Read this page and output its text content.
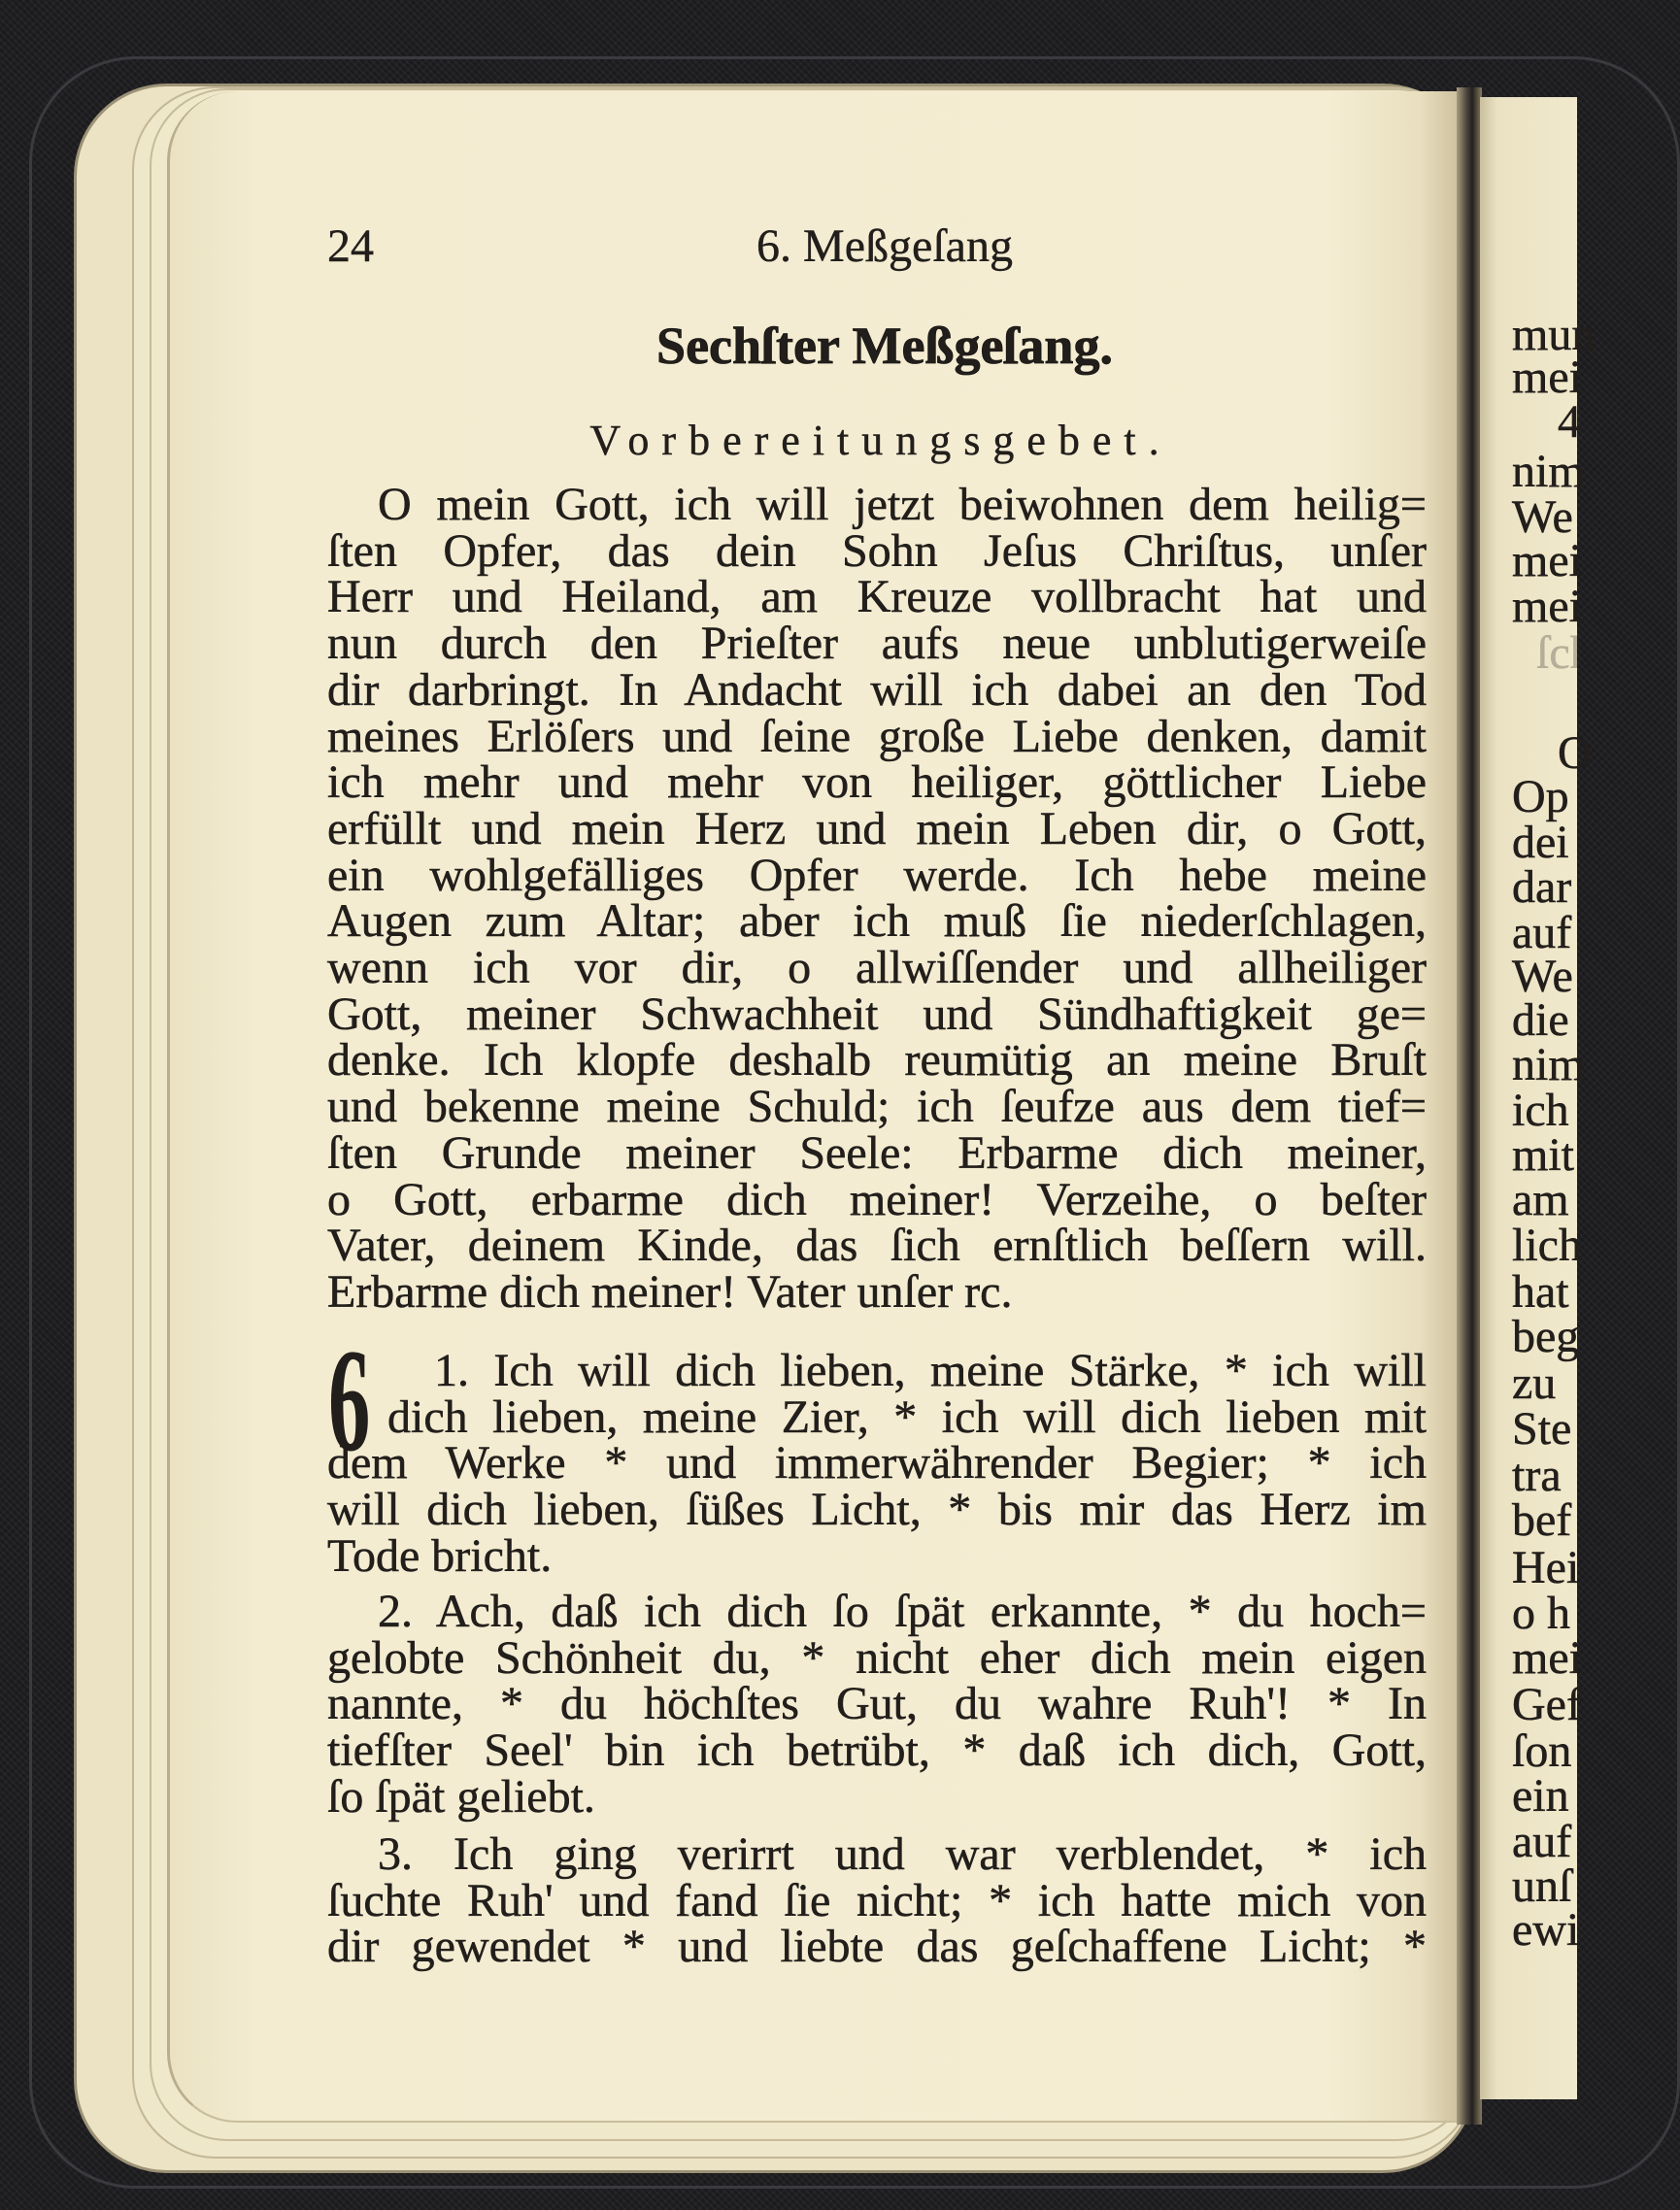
mun
mei
4
nim
We
mei
mei
ſch
O
Op
dei
dar
auf
We
die
nim
ich
mit
am
lich
hat
beg
zu
Ste
tra
bef
Hei
o h
mei
Gef
ſon
ein
auf
unſ
ewi
24	6. Meßgeſang
Sechſter Meßgeſang.
Vorbereitungsgebet.
O mein Gott, ich will jetzt beiwohnen dem heilig=
ſten Opfer, das dein Sohn Jeſus Chriſtus, unſer
Herr und Heiland, am Kreuze vollbracht hat und
nun durch den Prieſter aufs neue unblutigerweiſe
dir darbringt. In Andacht will ich dabei an den Tod
meines Erlöſers und ſeine große Liebe denken, damit
ich mehr und mehr von heiliger, göttlicher Liebe
erfüllt und mein Herz und mein Leben dir, o Gott,
ein wohlgefälliges Opfer werde. Ich hebe meine
Augen zum Altar; aber ich muß ſie niederſchlagen,
wenn ich vor dir, o allwiſſender und allheiliger
Gott, meiner Schwachheit und Sündhaftigkeit ge=
denke. Ich klopfe deshalb reumütig an meine Bruſt
und bekenne meine Schuld; ich ſeufze aus dem tief=
ſten Grunde meiner Seele: Erbarme dich meiner,
o Gott, erbarme dich meiner! Verzeihe, o beſter
Vater, deinem Kinde, das ſich ernſtlich beſſern will.
Erbarme dich meiner! Vater unſer rc.
6	1. Ich will dich lieben, meine Stärke, * ich will
dich lieben, meine Zier, * ich will dich lieben mit
dem Werke * und immerwährender Begier; * ich
will dich lieben, ſüßes Licht, * bis mir das Herz im
Tode bricht.
2. Ach, daß ich dich ſo ſpät erkannte, * du hoch=
gelobte Schönheit du, * nicht eher dich mein eigen
nannte, * du höchſtes Gut, du wahre Ruh'! * In
tiefſter Seel' bin ich betrübt, * daß ich dich, Gott,
ſo ſpät geliebt.
3. Ich ging verirrt und war verblendet, * ich
ſuchte Ruh' und fand ſie nicht; * ich hatte mich von
dir gewendet * und liebte das geſchaffene Licht; *
